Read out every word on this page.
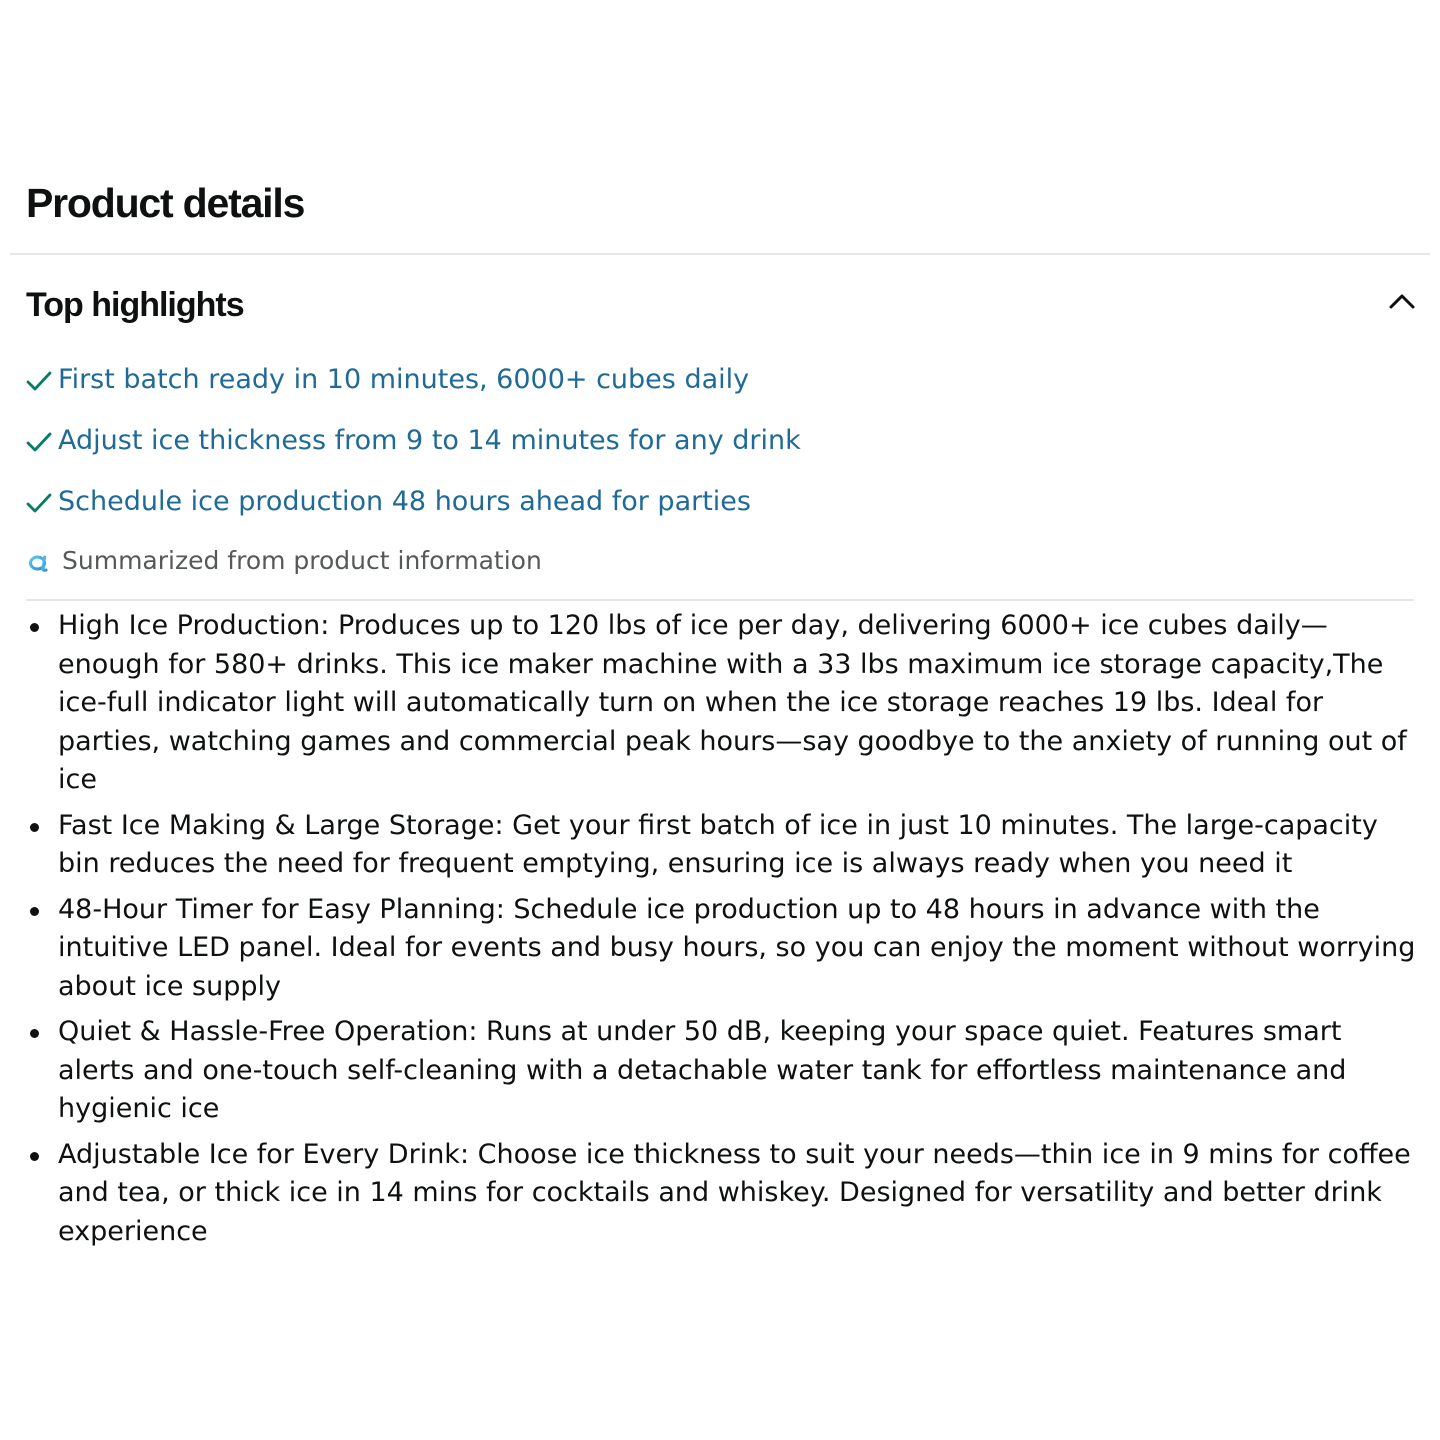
Product details
Top highlights
First batch ready in 10 minutes, 6000+ cubes daily
Adjust ice thickness from 9 to 14 minutes for any drink
Schedule ice production 48 hours ahead for parties
Summarized from product information
High Ice Production: Produces up to 120 lbs of ice per day, delivering 6000+ ice cubes daily—enough for 580+ drinks. This ice maker machine with a 33 lbs maximum ice storage capacity,The ice-full indicator light will automatically turn on when the ice storage reaches 19 lbs. Ideal for parties, watching games and commercial peak hours—say goodbye to the anxiety of running out of ice
Fast Ice Making & Large Storage: Get your first batch of ice in just 10 minutes. The large-capacity bin reduces the need for frequent emptying, ensuring ice is always ready when you need it
48-Hour Timer for Easy Planning: Schedule ice production up to 48 hours in advance with the intuitive LED panel. Ideal for events and busy hours, so you can enjoy the moment without worrying about ice supply
Quiet & Hassle-Free Operation: Runs at under 50 dB, keeping your space quiet. Features smart alerts and one-touch self-cleaning with a detachable water tank for effortless maintenance and hygienic ice
Adjustable Ice for Every Drink: Choose ice thickness to suit your needs—thin ice in 9 mins for coffee and tea, or thick ice in 14 mins for cocktails and whiskey. Designed for versatility and better drink experience
